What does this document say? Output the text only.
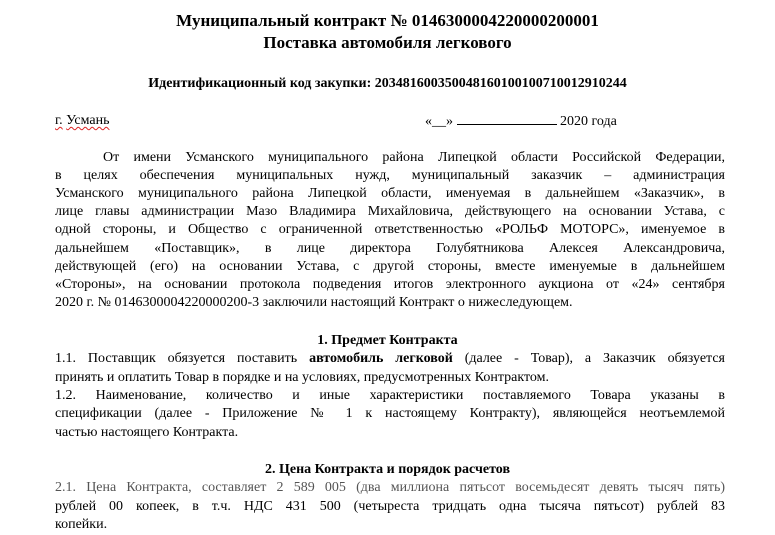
Муниципальный контракт № 0146300004220000200001
Поставка автомобиля легкового
Идентификационный код закупки: 203481600350048160100100710012910244
г. Усмань	«__»	2020 года
От имени Усманского муниципального района Липецкой области Российской Федерации,
в целях обеспечения муниципальных нужд, муниципальный заказчик – администрация
Усманского муниципального района Липецкой области, именуемая в дальнейшем «Заказчик», в
лице главы администрации Мазо Владимира Михайловича, действующего на основании Устава, с
одной стороны, и Общество с ограниченной ответственностью «РОЛЬФ МОТОРС», именуемое в
дальнейшем «Поставщик», в лице директора Голубятникова Алексея Александровича,
действующей (его) на основании Устава, с другой стороны, вместе именуемые в дальнейшем
«Стороны», на основании протокола подведения итогов электронного аукциона от «24» сентября
2020 г. № 0146300004220000200-3 заключили настоящий Контракт о нижеследующем.
1. Предмет Контракта
1.1. Поставщик обязуется поставить автомобиль легковой (далее - Товар), а Заказчик обязуется
принять и оплатить Товар в порядке и на условиях, предусмотренных Контрактом.
1.2. Наименование, количество и иные характеристики поставляемого Товара указаны в
спецификации (далее - Приложение № 1 к настоящему Контракту), являющейся неотъемлемой
частью настоящего Контракта.
2. Цена Контракта и порядок расчетов
2.1. Цена Контракта, составляет 2 589 005 (два миллиона пятьсот восемьдесят девять тысяч пять)
рублей 00 копеек, в т.ч. НДС 431 500 (четыреста тридцать одна тысяча пятьсот) рублей 83
копейки.
